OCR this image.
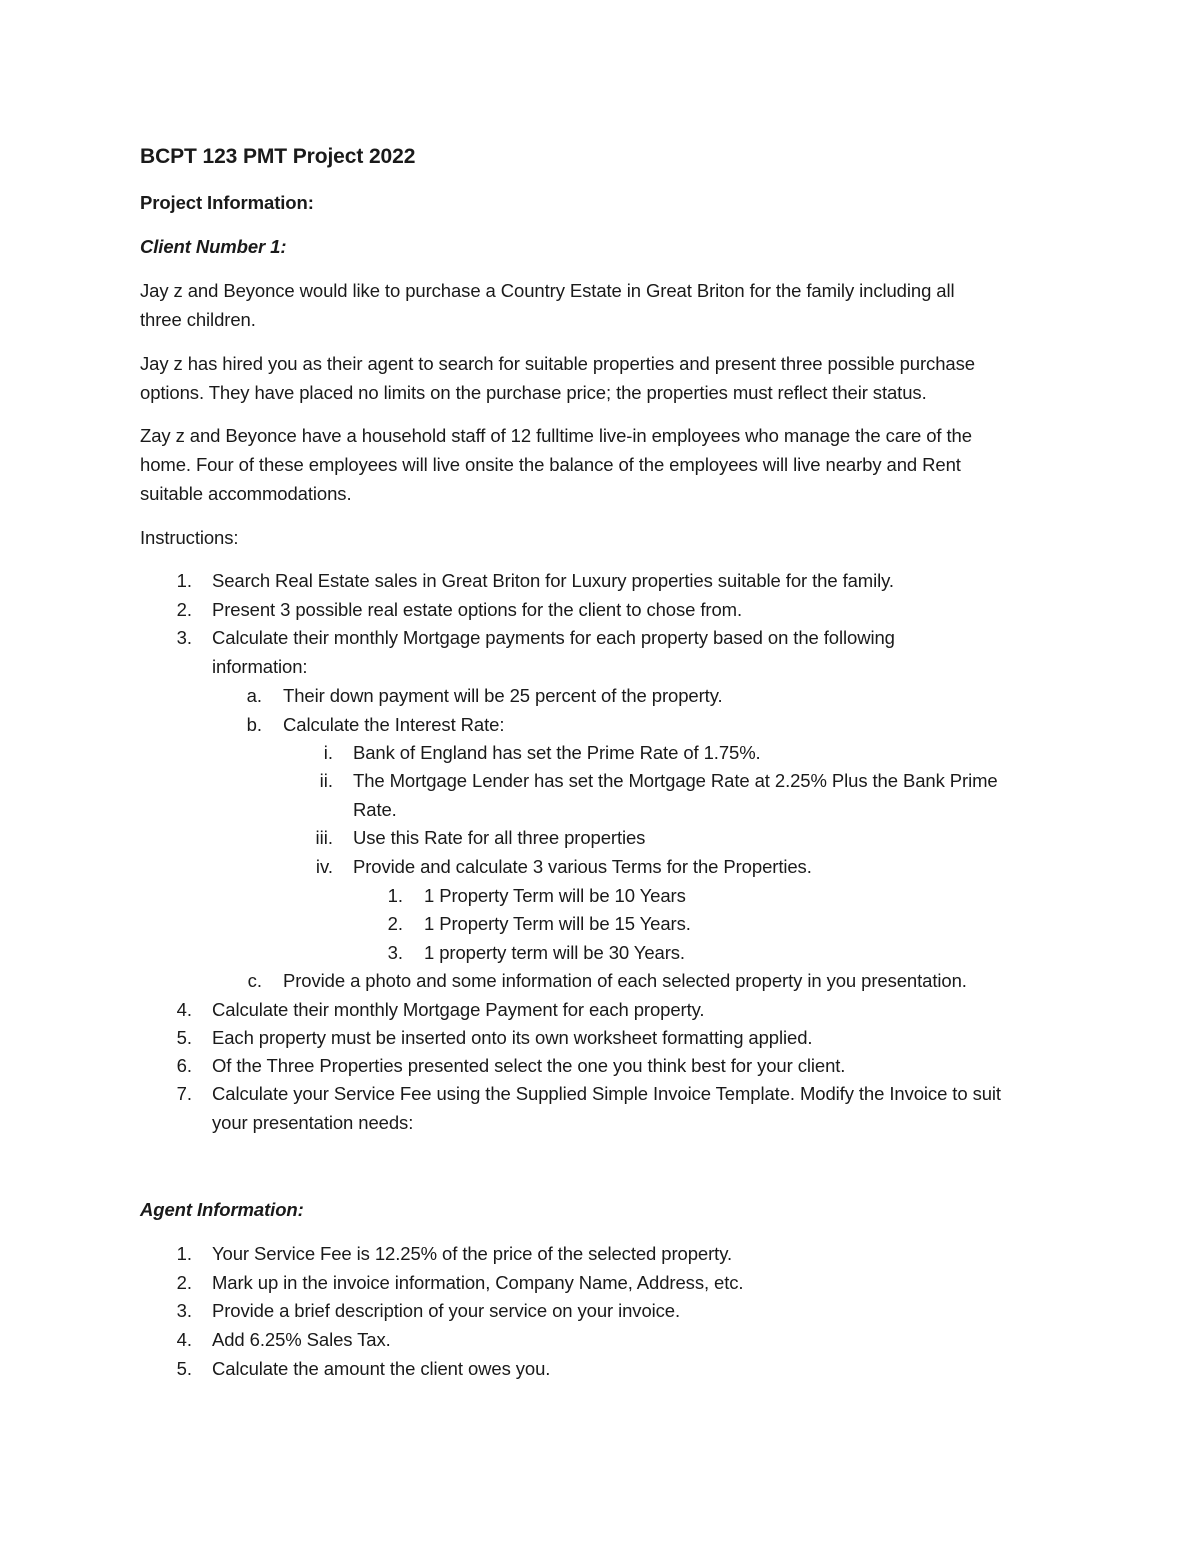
BCPT 123 PMT Project 2022
Project Information:
Client Number 1:
Jay z and Beyonce would like to purchase a Country Estate in Great Briton for the family including all
three children.
Jay z has hired you as their agent to search for suitable properties and present three possible purchase
options. They have placed no limits on the purchase price; the properties must reflect their status.
Zay z and Beyonce have a household staff of 12 fulltime live-in employees who manage the care of the
home. Four of these employees will live onsite the balance of the employees will live nearby and Rent
suitable accommodations.
Instructions:
1. Search Real Estate sales in Great Briton for Luxury properties suitable for the family.
2. Present 3 possible real estate options for the client to chose from.
3. Calculate their monthly Mortgage payments for each property based on the following
information:
a. Their down payment will be 25 percent of the property.
b. Calculate the Interest Rate:
i. Bank of England has set the Prime Rate of 1.75%.
ii. The Mortgage Lender has set the Mortgage Rate at 2.25% Plus the Bank Prime
Rate.
iii. Use this Rate for all three properties
iv. Provide and calculate 3 various Terms for the Properties.
1. 1 Property Term will be 10 Years
2. 1 Property Term will be 15 Years.
3. 1 property term will be 30 Years.
c. Provide a photo and some information of each selected property in you presentation.
4. Calculate their monthly Mortgage Payment for each property.
5. Each property must be inserted onto its own worksheet formatting applied.
6. Of the Three Properties presented select the one you think best for your client.
7. Calculate your Service Fee using the Supplied Simple Invoice Template. Modify the Invoice to suit
your presentation needs:
Agent Information:
1. Your Service Fee is 12.25% of the price of the selected property.
2. Mark up in the invoice information, Company Name, Address, etc.
3. Provide a brief description of your service on your invoice.
4. Add 6.25% Sales Tax.
5. Calculate the amount the client owes you.
